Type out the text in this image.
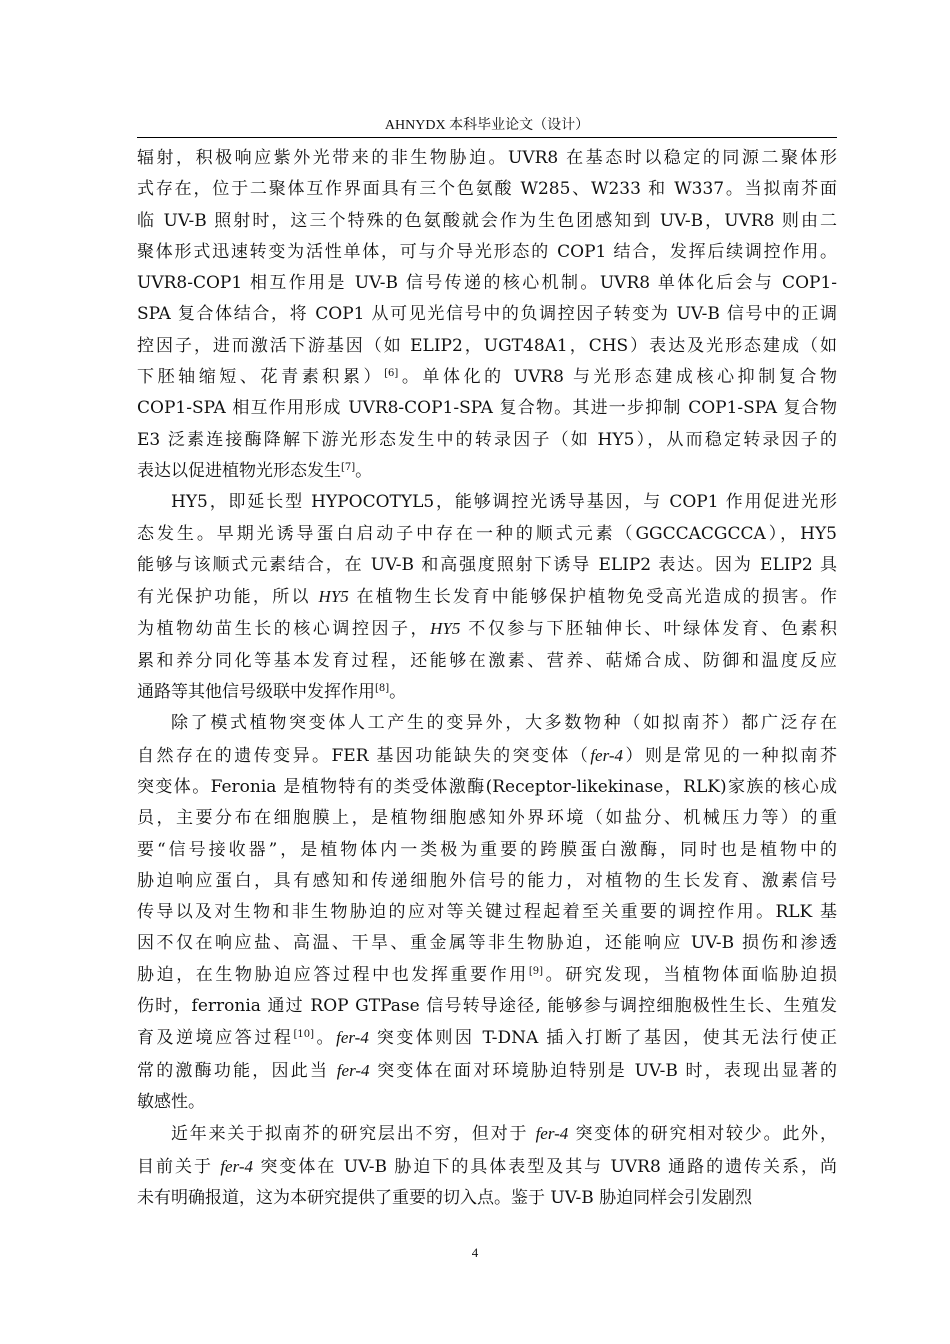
AHNYDX 本科毕业论文（设计）
辐射，积极响应紫外光带来的非生物胁迫。UVR8 在基态时以稳定的同源二聚体形
式存在，位于二聚体互作界面具有三个色氨酸 W285、W233 和 W337。当拟南芥面
临 UV-B 照射时，这三个特殊的色氨酸就会作为生色团感知到 UV-B，UVR8 则由二
聚体形式迅速转变为活性单体，可与介导光形态的 COP1 结合，发挥后续调控作用。
UVR8-COP1 相互作用是 UV-B 信号传递的核心机制。UVR8 单体化后会与 COP1-
SPA 复合体结合，将 COP1 从可见光信号中的负调控因子转变为 UV-B 信号中的正调
控因子，进而激活下游基因（如 ELIP2，UGT48A1，CHS）表达及光形态建成（如
下胚轴缩短、花青素积累）[6]。单体化的 UVR8 与光形态建成核心抑制复合物
COP1-SPA 相互作用形成 UVR8-COP1-SPA 复合物。其进一步抑制 COP1-SPA 复合物
E3 泛素连接酶降解下游光形态发生中的转录因子（如 HY5），从而稳定转录因子的
表达以促进植物光形态发生[7]。
HY5，即延长型 HYPOCOTYL5，能够调控光诱导基因，与 COP1 作用促进光形
态发生。早期光诱导蛋白启动子中存在一种的顺式元素（GGCCACGCCA），HY5
能够与该顺式元素结合，在 UV-B 和高强度照射下诱导 ELIP2 表达。因为 ELIP2 具
有光保护功能，所以 HY5 在植物生长发育中能够保护植物免受高光造成的损害。作
为植物幼苗生长的核心调控因子，HY5 不仅参与下胚轴伸长、叶绿体发育、色素积
累和养分同化等基本发育过程，还能够在激素、营养、萜烯合成、防御和温度反应
通路等其他信号级联中发挥作用[8]。
除了模式植物突变体人工产生的变异外，大多数物种（如拟南芥）都广泛存在
自然存在的遗传变异。FER 基因功能缺失的突变体（fer-4）则是常见的一种拟南芥
突变体。Feronia 是植物特有的类受体激酶(Receptor-likekinase，RLK)家族的核心成
员，主要分布在细胞膜上，是植物细胞感知外界环境（如盐分、机械压力等）的重
要“信号接收器”，是植物体内一类极为重要的跨膜蛋白激酶，同时也是植物中的
胁迫响应蛋白，具有感知和传递细胞外信号的能力，对植物的生长发育、激素信号
传导以及对生物和非生物胁迫的应对等关键过程起着至关重要的调控作用。RLK 基
因不仅在响应盐、高温、干旱、重金属等非生物胁迫，还能响应 UV-B 损伤和渗透
胁迫，在生物胁迫应答过程中也发挥重要作用[9]。研究发现，当植物体面临胁迫损
伤时，ferronia 通过 ROP GTPase 信号转导途径, 能够参与调控细胞极性生长、生殖发
育及逆境应答过程[10]。fer-4 突变体则因 T-DNA 插入打断了基因，使其无法行使正
常的激酶功能，因此当 fer-4 突变体在面对环境胁迫特别是 UV-B 时，表现出显著的
敏感性。
近年来关于拟南芥的研究层出不穷，但对于 fer-4 突变体的研究相对较少。此外，
目前关于 fer-4 突变体在 UV-B 胁迫下的具体表型及其与 UVR8 通路的遗传关系，尚
未有明确报道，这为本研究提供了重要的切入点。鉴于 UV-B 胁迫同样会引发剧烈
4
